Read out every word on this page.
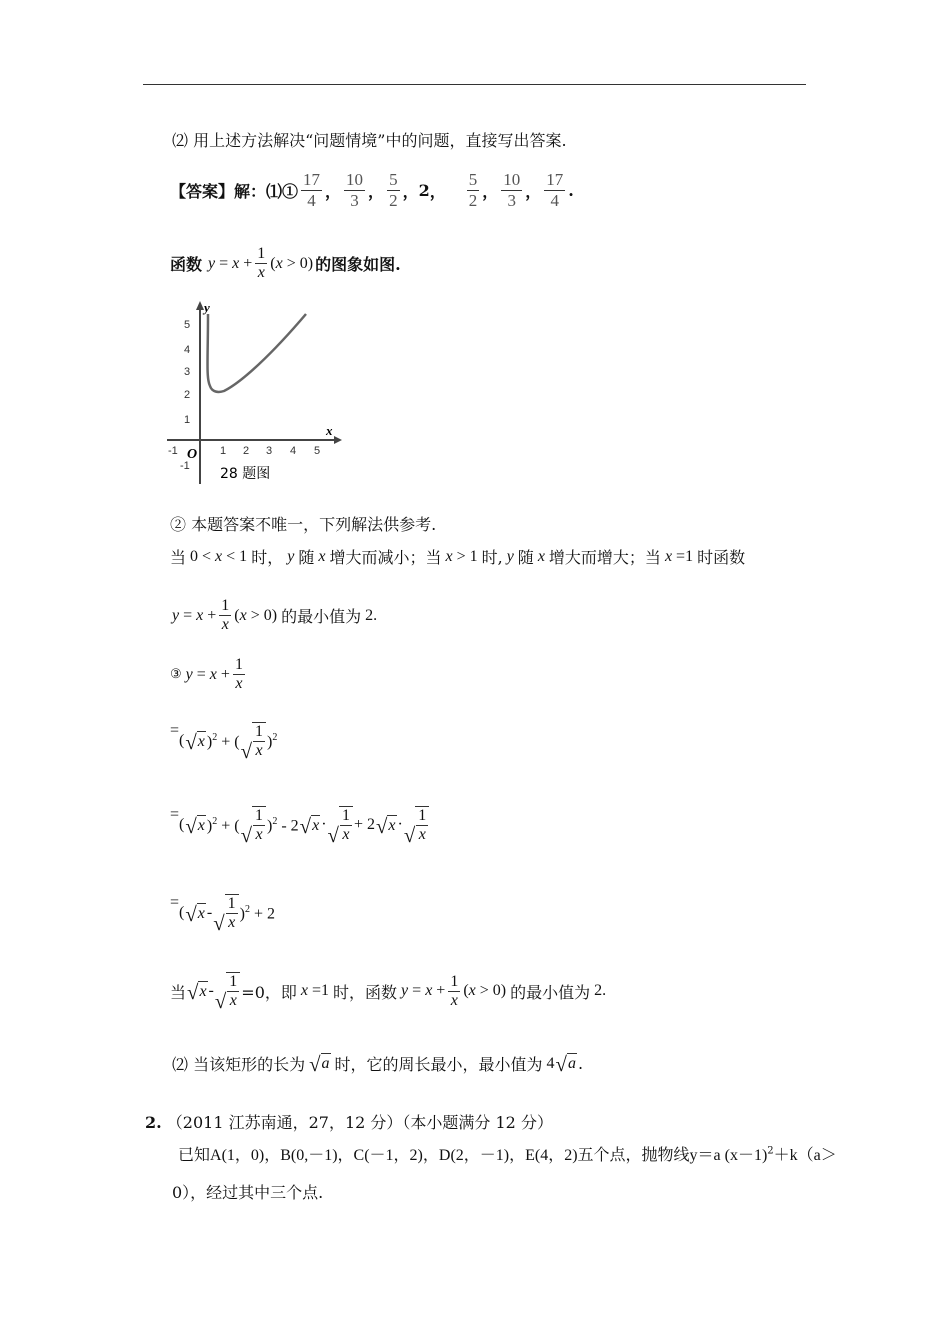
⑵ 用上述方法解决“问题情境”中的问题，直接写出答案.
【答案】 解：⑴① $\frac{17}{4}$ ， $\frac{10}{3}$ ， $\frac{5}{2}$ ， 2 ， $\frac{5}{2}$ ， $\frac{10}{3}$ ， $\frac{17}{4}$ .
函数 $y = x + \frac{1}{x} (x > 0)$ 的图象如图.
y
x
O
-1	1 2 3 4 5
5
4
3
2
1
-1 28 题图
② 本题答案不唯一，下列解法供参考.
当 0 < x < 1 时， y 随 x 增大而减小；当 x > 1 时, y 随 x 增大而增大；当 x =1 时函数
$y = x + \frac{1}{x} (x > 0)$ 的最小值为 2.
③ $y = x + \frac{1}{x}$
=
( √ x )$^2$ + ( √ $\frac{1}{x} )^2$
=
( √ x )$^2$ + ( √ $\frac{1}{x} )^2 - 2$ √ x · √ $\frac{1}{x} + 2$ √ x · √ $\frac{1}{x}$
=
( √ x - √ $\frac{1}{x} )^2 + 2$
当 √ x - √ $\frac{1}{x} =0$，即 x =1 时，函数 $y = x + \frac{1}{x} (x > 0)$ 的最小值为 2.
⑵ 当该矩形的长为 √ a 时，它的周长最小，最小值为 4 √ a .
2. （2011 江苏南通，27，12 分）（本小题满分 12 分）
已知A(1，0)，B(0,－1)，C(－1，2)，D(2，－1)，E(4，2)五个点，抛物线y＝a $(x-1)^2+k(a>$
0），经过其中三个点.
